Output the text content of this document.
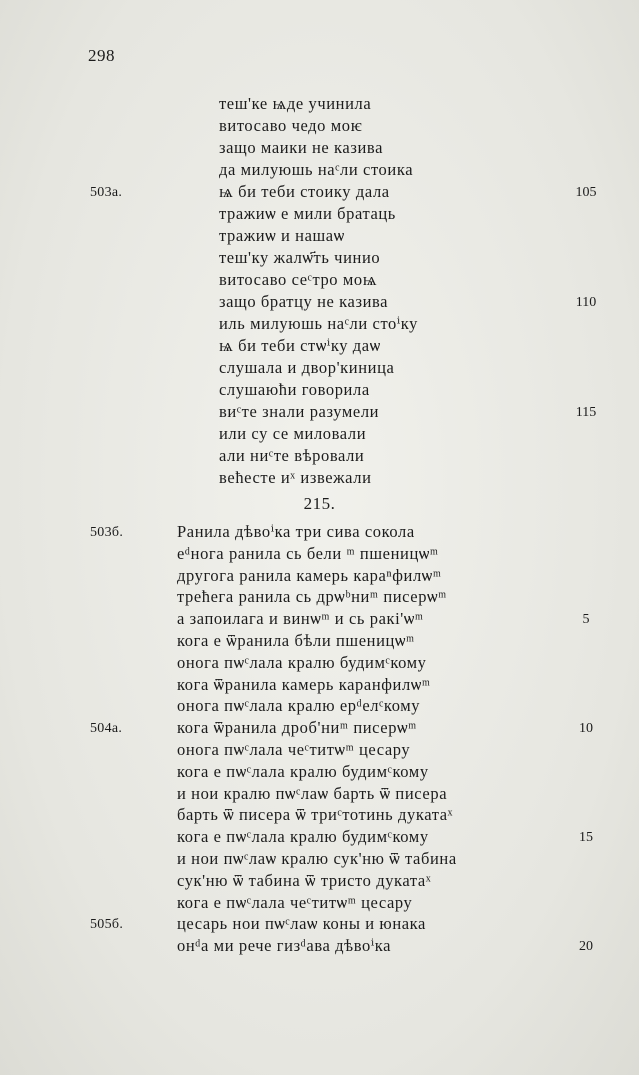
298
теш'ке ѩде учинила
витосаво чедо моѥ
защо маики не казива
да милуюшь наᶜли стоика
503а.	ѩ би теби стоику дала	105
тражиѡ е мили братаць
тражиѡ и нашаѡ
теш'ку жалѡ҃ть чинио
витосаво сеᶜтро моѩ
защо братцу не казива	110
иль милуюшь наᶜли стоⁱку
ѩ би теби стѡⁱку даѡ
слушала и двор'киница
слушаюћи говорила
виᶜте знали разумели	115
или су се миловали
али ниᶜте вѣровали
вeћесте иˣ извежали
215.
503б.	Ранила дѣвоⁱка три сива сокола
еᵈнога ранила сь бели ᵐ пшеницѡᵐ
другога ранила камерь караⁿфилѡᵐ
трећега ранила сь дрѡᵇниᵐ писерѡᵐ
а запоилага и винѡᵐ и сь ракі'ѡᵐ	5
кога е ѿранила бѣли пшеницѡᵐ
онога пѡᶜлала кралю будимᶜкому
кога ѿранила камерь каранфилѡᵐ
онога пѡᶜлала кралю ерᵈелᶜкому
504а.	кога ѿранила дроб'ниᵐ писерѡᵐ	10
онога пѡᶜлала чеᶜтитѡᵐ цесару
кога е пѡᶜлала кралю будимᶜкому
и нои кралю пѡᶜлаѡ барть ѿ писера
барть ѿ писера ѿ триᶜтотинь дукатаˣ
кога е пѡᶜлала кралю будимᶜкому	15
и нои пѡᶜлаѡ кралю сук'ню ѿ табина
сук'ню ѿ табина ѿ тристо дукатаˣ
кога е пѡᶜлала чеᶜтитѡᵐ цесару
505б.	цесарь нои пѡᶜлаѡ коны и юнака
онᵈа ми рече гизᵈава дѣвоⁱка	20
